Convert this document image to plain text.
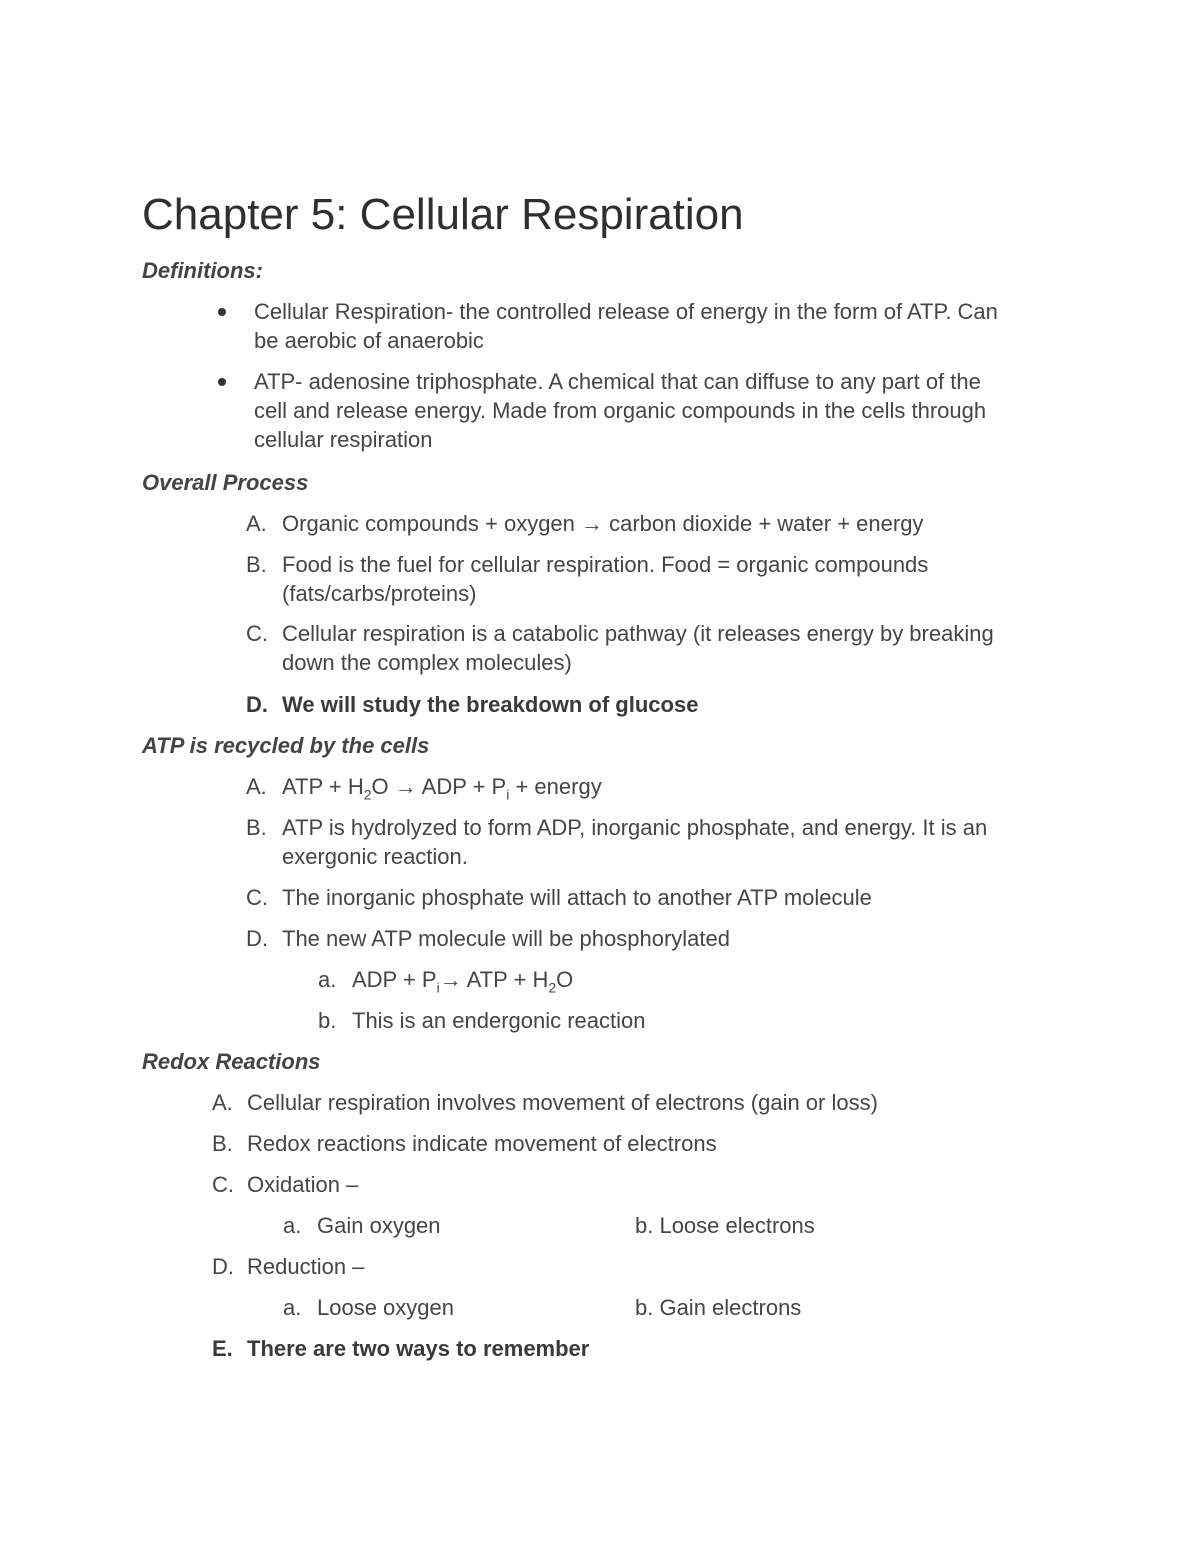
Chapter 5: Cellular Respiration
Definitions:
Cellular Respiration- the controlled release of energy in the form of ATP. Can
be aerobic of anaerobic
ATP- adenosine triphosphate. A chemical that can diffuse to any part of the
cell and release energy. Made from organic compounds in the cells through
cellular respiration
Overall Process
A. Organic compounds + oxygen → carbon dioxide + water + energy
B. Food is the fuel for cellular respiration. Food = organic compounds
(fats/carbs/proteins)
C. Cellular respiration is a catabolic pathway (it releases energy by breaking
down the complex molecules)
D. We will study the breakdown of glucose
ATP is recycled by the cells
A. ATP + $H_2O$ → ADP + $P_i$ + energy
B. ATP is hydrolyzed to form ADP, inorganic phosphate, and energy. It is an
exergonic reaction.
C. The inorganic phosphate will attach to another ATP molecule
D. The new ATP molecule will be phosphorylated
a. ADP + $P_i\to$ ATP + $H_2O$
b. This is an endergonic reaction
Redox Reactions
A. Cellular respiration involves movement of electrons (gain or loss)
B. Redox reactions indicate movement of electrons
C. Oxidation –
a. Gain oxygen	b. Loose electrons
D. Reduction –
a. Loose oxygen	b. Gain electrons
E. There are two ways to remember
